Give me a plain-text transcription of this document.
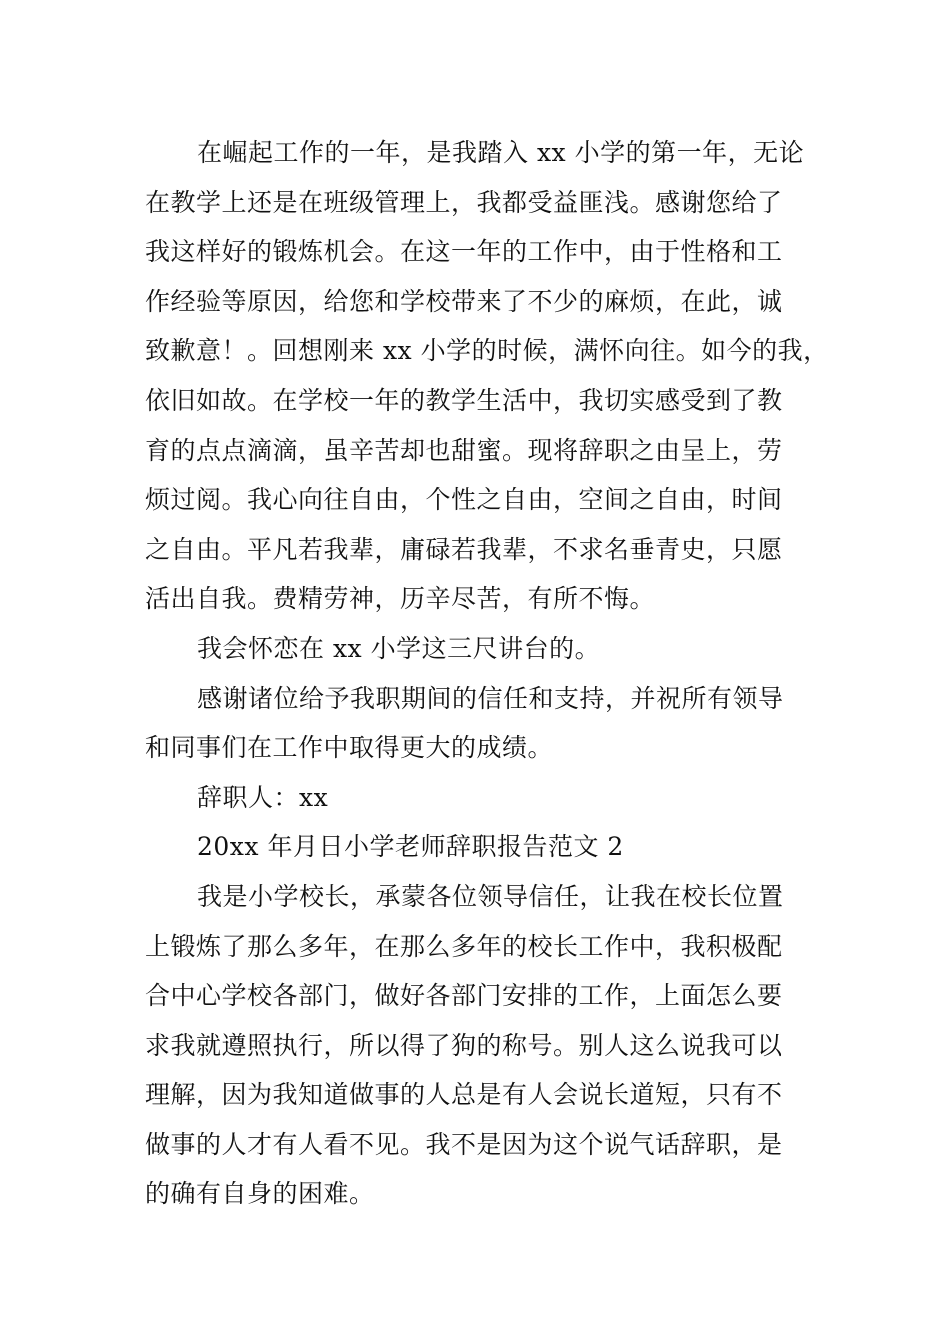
在崛起工作的一年，是我踏入 xx 小学的第一年，无论
在教学上还是在班级管理上，我都受益匪浅。感谢您给了
我这样好的锻炼机会。在这一年的工作中，由于性格和工
作经验等原因，给您和学校带来了不少的麻烦，在此，诚
致歉意！。回想刚来 xx 小学的时候，满怀向往。如今的我，
依旧如故。在学校一年的教学生活中，我切实感受到了教
育的点点滴滴，虽辛苦却也甜蜜。现将辞职之由呈上，劳
烦过阅。我心向往自由，个性之自由，空间之自由，时间
之自由。平凡若我辈，庸碌若我辈，不求名垂青史，只愿
活出自我。费精劳神，历辛尽苦，有所不悔。
我会怀恋在 xx 小学这三尺讲台的。
感谢诸位给予我职期间的信任和支持，并祝所有领导
和同事们在工作中取得更大的成绩。
辞职人：xx
20xx 年月日小学老师辞职报告范文 2
我是小学校长，承蒙各位领导信任，让我在校长位置
上锻炼了那么多年，在那么多年的校长工作中，我积极配
合中心学校各部门，做好各部门安排的工作，上面怎么要
求我就遵照执行，所以得了狗的称号。别人这么说我可以
理解，因为我知道做事的人总是有人会说长道短，只有不
做事的人才有人看不见。我不是因为这个说气话辞职，是
的确有自身的困难。
